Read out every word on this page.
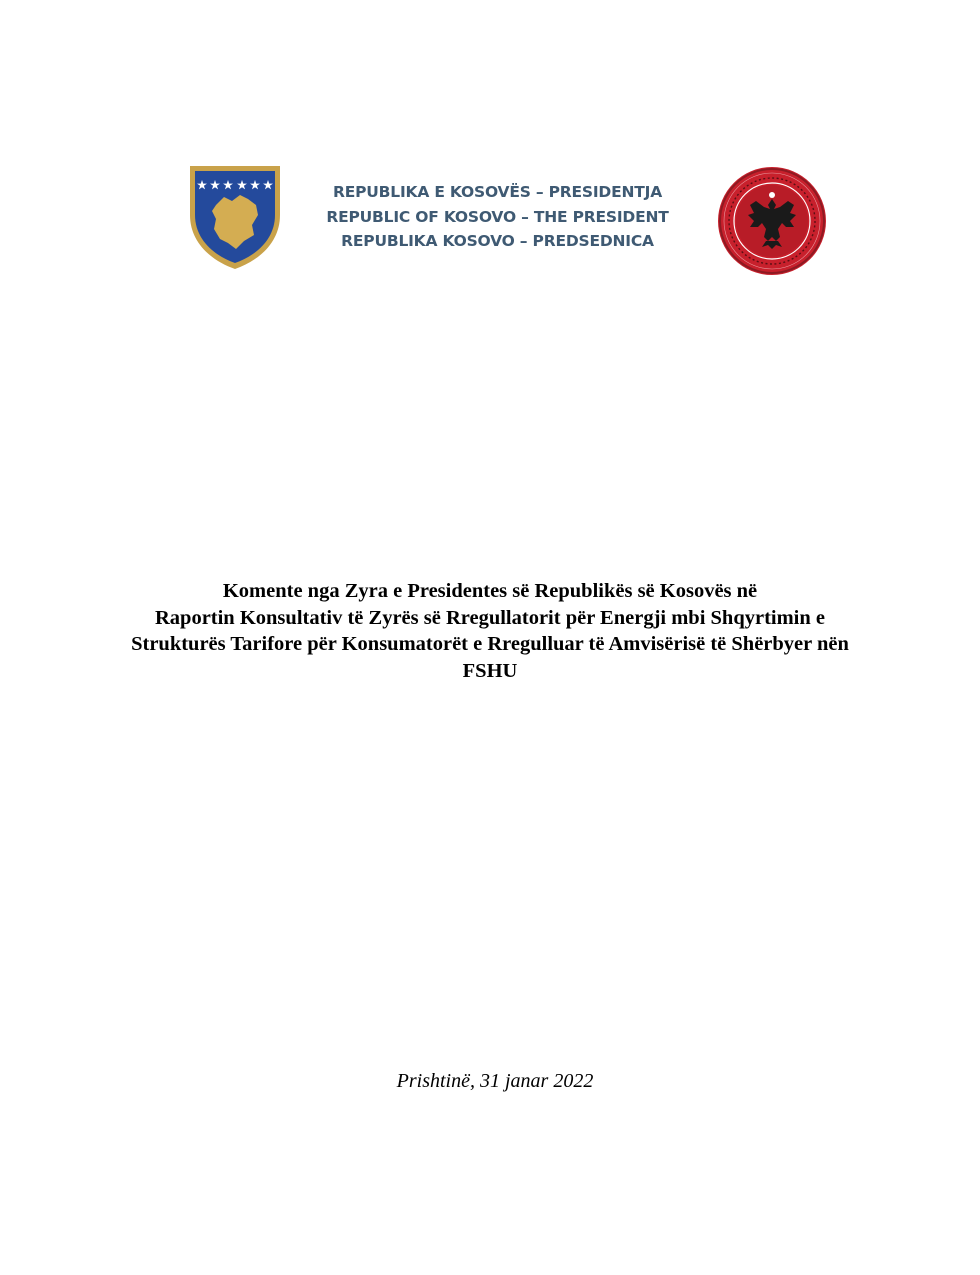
REPUBLIKA E KOSOVËS – PRESIDENTJA
REPUBLIC OF KOSOVO – THE PRESIDENT
REPUBLIKA KOSOVO – PREDSEDNICA
Komente nga Zyra e Presidentes së Republikës së Kosovës në
Raportin Konsultativ të Zyrës së Rregullatorit për Energji mbi Shqyrtimin e
Strukturës Tarifore për Konsumatorët e Rregulluar të Amvisërisë të Shërbyer nën
FSHU
Prishtinë, 31 janar 2022
